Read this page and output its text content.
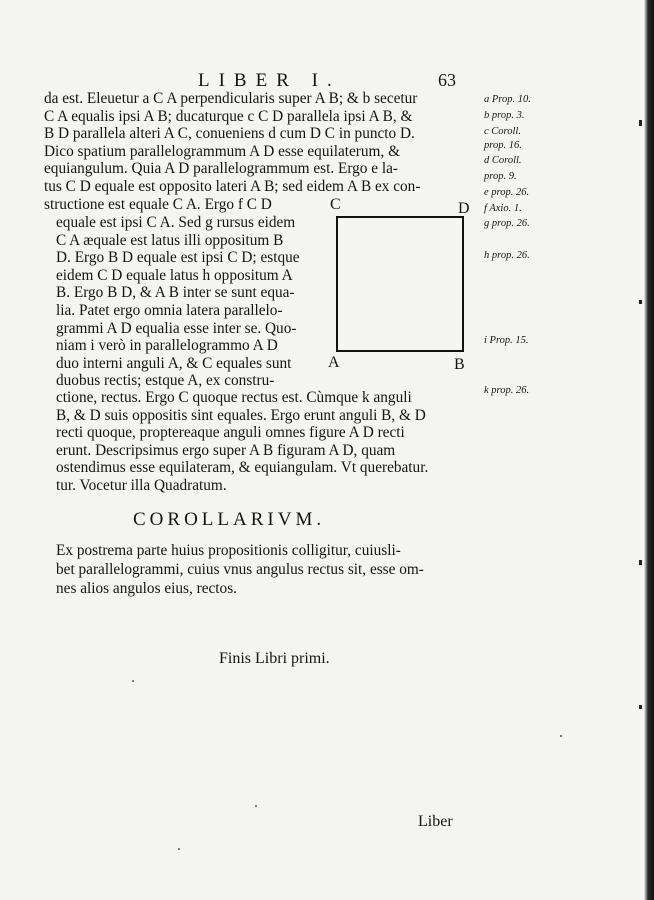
LIBER I.	63
da est. Eleuetur a C A perpendicularis super A B; & b secetur
C A equalis ipsi A B; ducaturque c C D parallela ipsi A B, &
B D parallela alteri A C, conueniens d cum D C in puncto D.
Dico spatium parallelogrammum A D esse equilaterum, &
equiangulum. Quia A D parallelogrammum est. Ergo e la-
tus C D equale est opposito lateri A B; sed eidem A B ex con-
structione est equale C A. Ergo f C D
equale est ipsi C A. Sed g rursus eidem
C A æquale est latus illi oppositum B
D. Ergo B D equale est ipsi C D; estque
eidem C D equale latus h oppositum A
B. Ergo B D, & A B inter se sunt equa-
lia. Patet ergo omnia latera parallelo-
grammi A D equalia esse inter se. Quo-
niam i verò in parallelogrammo A D
duo interni anguli A, & C equales sunt
duobus rectis; estque A, ex constru-
ctione, rectus. Ergo C quoque rectus est. Cùmque k anguli
B, & D suis oppositis sint equales. Ergo erunt anguli B, & D
recti quoque, proptereaque anguli omnes figure A D recti
erunt. Descripsimus ergo super A B figuram A D, quam
ostendimus esse equilateram, & equiangulam. Vt querebatur.
tur. Vocetur illa Quadratum.
a Prop. 10.
b prop. 3.
c Coroll.
prop. 16.
d Coroll.
prop. 9.
e prop. 26.
f Axio. 1.
g prop. 26.
h prop. 26.
i Prop. 15.
k prop. 26.
C	D
A	B
COROLLARIVM.
Ex postrema parte huius propositionis colligitur, cuiusli-
bet parallelogrammi, cuius vnus angulus rectus sit, esse om-
nes alios angulos eius, rectos.
Finis Libri primi.
Liber
